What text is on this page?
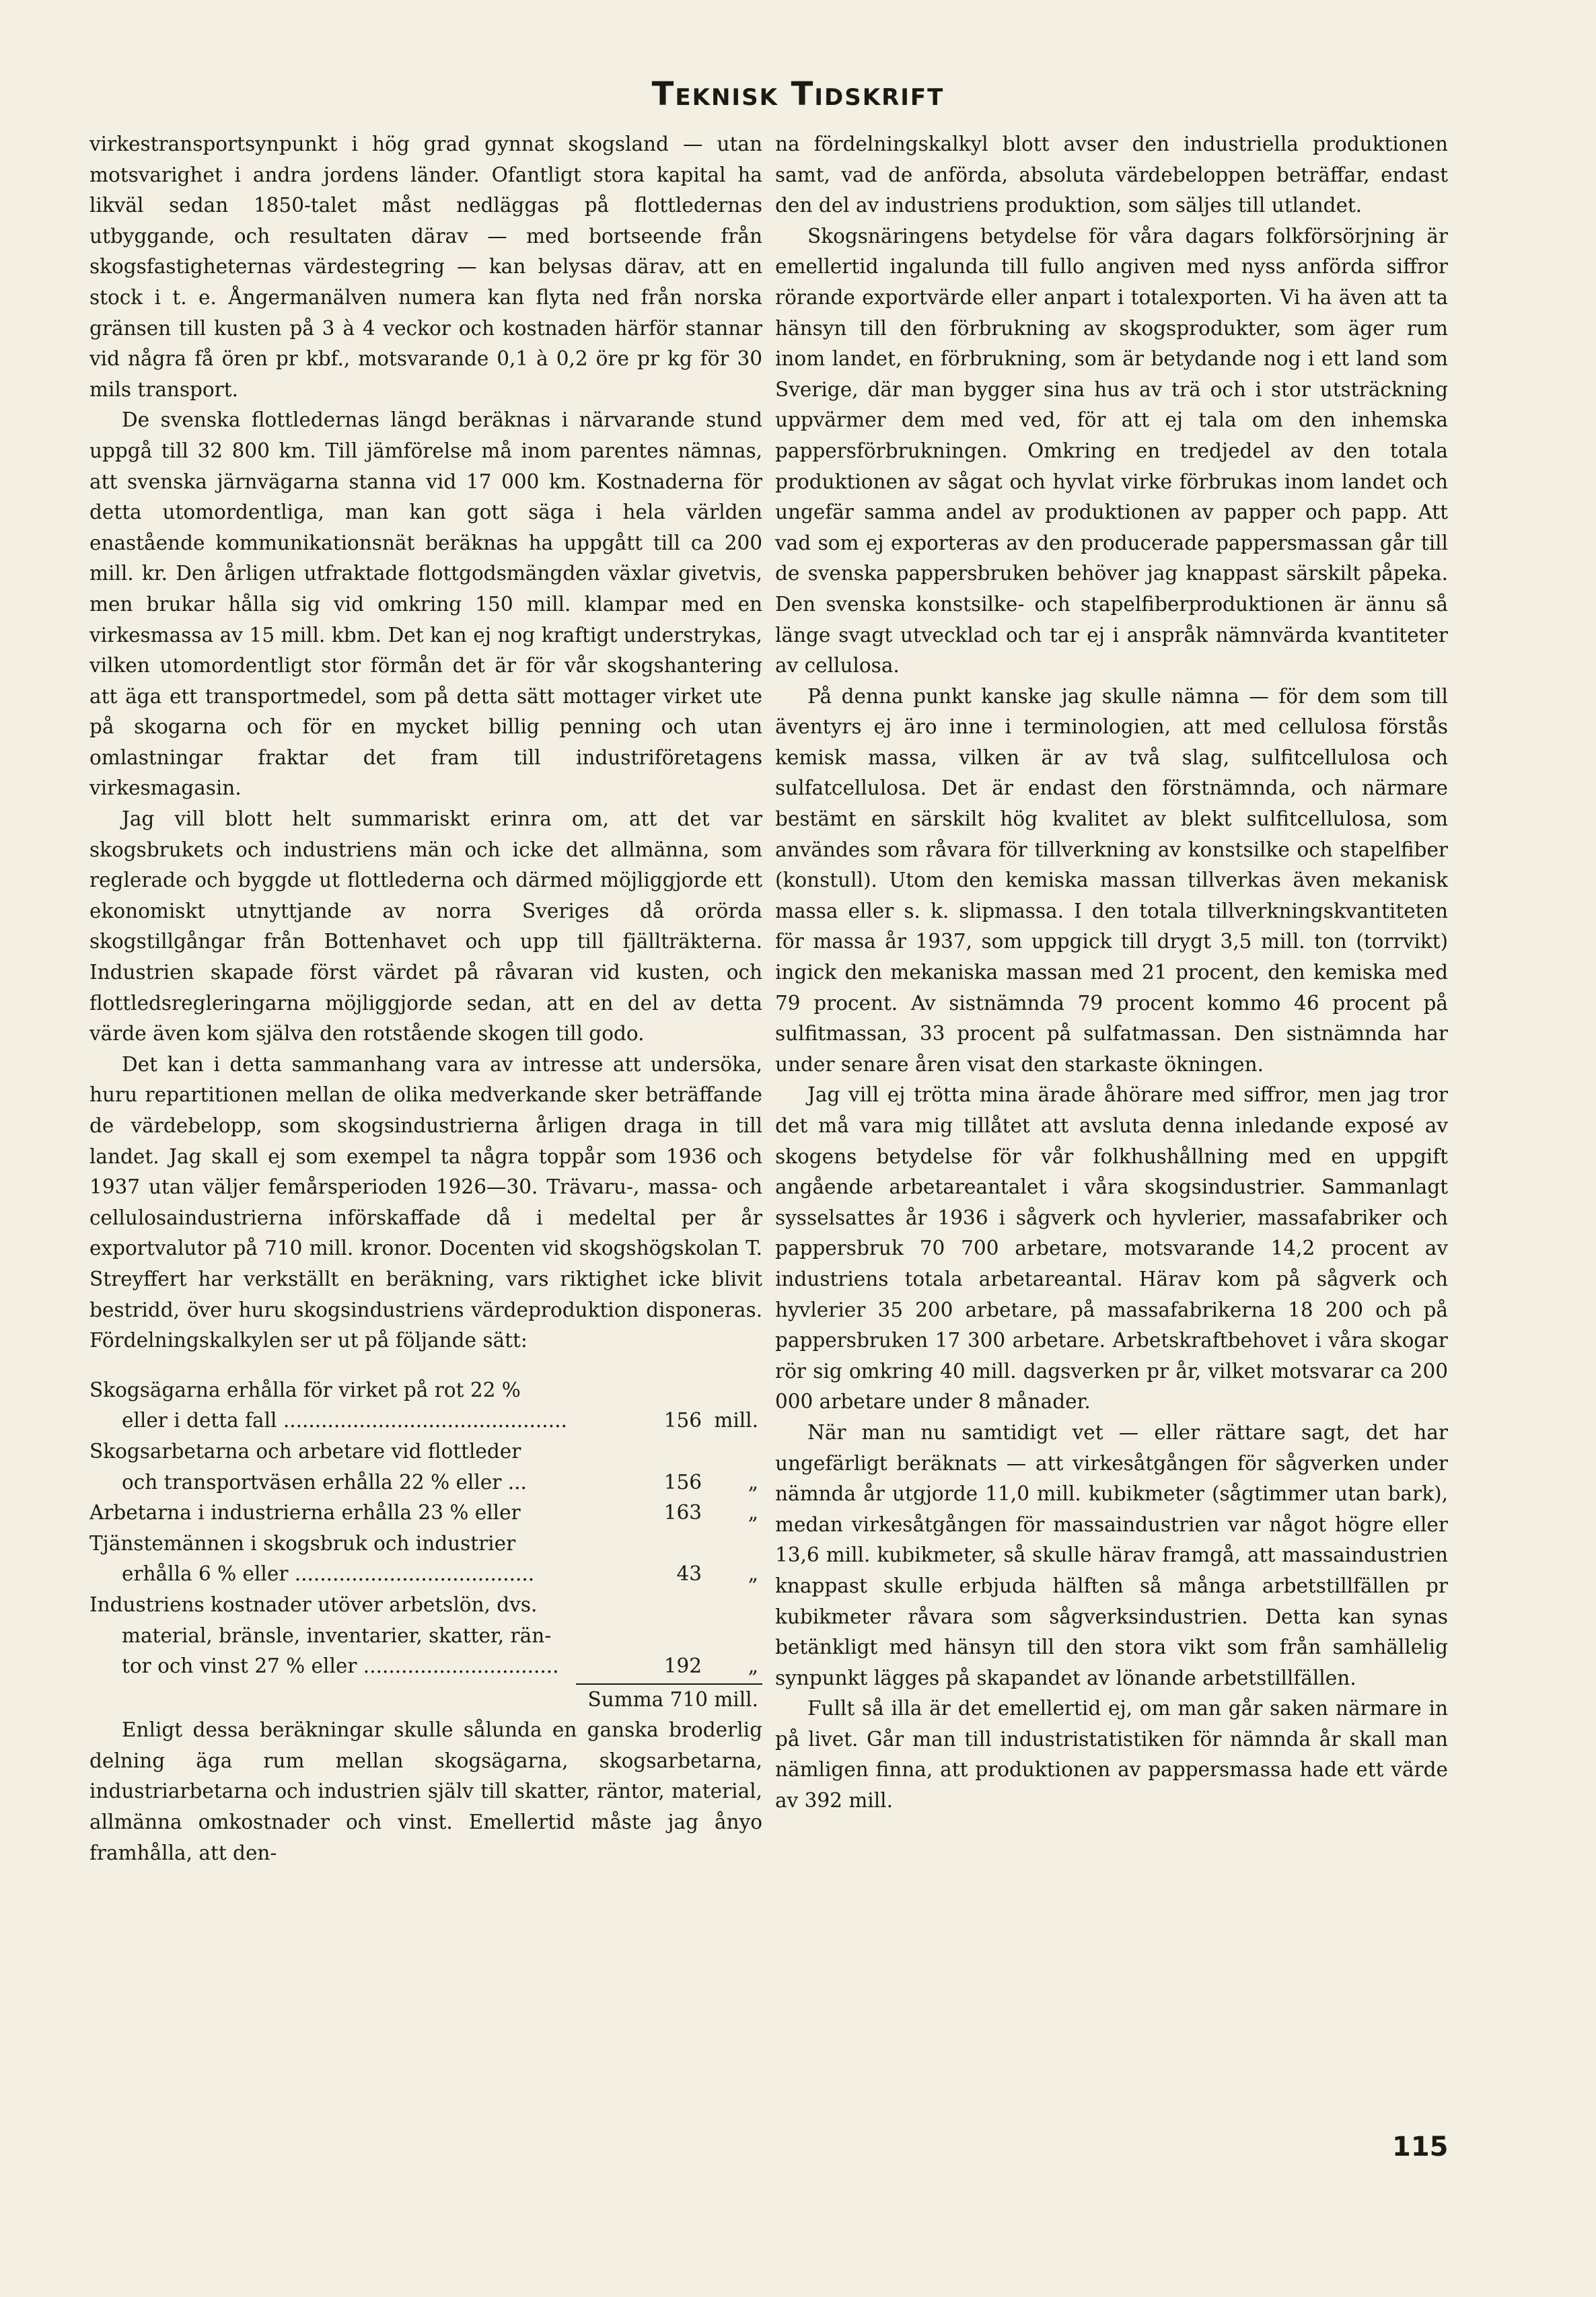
Teknisk Tidskrift

virkestransportsynpunkt i hög grad gynnat skogsland — utan motsvarighet i andra jordens länder. Ofantligt stora kapital ha likväl sedan 1850-talet måst nedläggas på flottledernas utbyggande, och resultaten därav — med bortseende från skogsfastigheternas värdestegring — kan belysas därav, att en stock i t. e. Ångermanälven numera kan flyta ned från norska gränsen till kusten på 3 à 4 veckor och kostnaden härför stannar vid några få ören pr kbf., motsvarande 0,1 à 0,2 öre pr kg för 30 mils transport.

De svenska flottledernas längd beräknas i närvarande stund uppgå till 32 800 km. Till jämförelse må inom parentes nämnas, att svenska järnvägarna stanna vid 17 000 km. Kostnaderna för detta utomordentliga, man kan gott säga i hela världen enastående kommunikationsnät beräknas ha uppgått till ca 200 mill. kr. Den årligen utfraktade flottgodsmängden växlar givetvis, men brukar hålla sig vid omkring 150 mill. klampar med en virkesmassa av 15 mill. kbm. Det kan ej nog kraftigt understrykas, vilken utomordentligt stor förmån det är för vår skogshantering att äga ett transportmedel, som på detta sätt mottager virket ute på skogarna och för en mycket billig penning och utan omlastningar fraktar det fram till industriföretagens virkesmagasin.

Jag vill blott helt summariskt erinra om, att det var skogsbrukets och industriens män och icke det allmänna, som reglerade och byggde ut flottlederna och därmed möjliggjorde ett ekonomiskt utnyttjande av norra Sveriges då orörda skogstillgångar från Bottenhavet och upp till fjällträkterna. Industrien skapade först värdet på råvaran vid kusten, och flottledsregleringarna möjliggjorde sedan, att en del av detta värde även kom själva den rotstående skogen till godo.

Det kan i detta sammanhang vara av intresse att undersöka, huru repartitionen mellan de olika medverkande sker beträffande de värdebelopp, som skogsindustrierna årligen draga in till landet. Jag skall ej som exempel ta några toppår som 1936 och 1937 utan väljer femårsperioden 1926—30. Trävaru-, massa- och cellulosaindustrierna införskaffade då i medeltal per år exportvalutor på 710 mill. kronor. Docenten vid skogshögskolan T. Streyffert har verkställt en beräkning, vars riktighet icke blivit bestridd, över huru skogsindustriens värdeproduktion disponeras. Fördelningskalkylen ser ut på följande sätt:

Skogsägarna erhålla för virket på rot 22 %
eller i detta fall .............................................	156 mill.
Skogsarbetarna och arbetare vid flottleder
och transportväsen erhålla 22 % eller ...	156	„
Arbetarna i industrierna erhålla 23 % eller	163	„
Tjänstemännen i skogsbruk och industrier
erhålla 6 % eller ......................................	43	„
Industriens kostnader utöver arbetslön, dvs.
material, bränsle, inventarier, skatter, rän-
tor och vinst 27 % eller ...............................	192	„
Summa 710 mill.

Enligt dessa beräkningar skulle sålunda en ganska broderlig delning äga rum mellan skogsägarna, skogsarbetarna, industriarbetarna och industrien själv till skatter, räntor, material, allmänna omkostnader och vinst. Emellertid måste jag ånyo framhålla, att den-

na fördelningskalkyl blott avser den industriella produktionen samt, vad de anförda, absoluta värdebeloppen beträffar, endast den del av industriens produktion, som säljes till utlandet.

Skogsnäringens betydelse för våra dagars folkförsörjning är emellertid ingalunda till fullo angiven med nyss anförda siffror rörande exportvärde eller anpart i totalexporten. Vi ha även att ta hänsyn till den förbrukning av skogsprodukter, som äger rum inom landet, en förbrukning, som är betydande nog i ett land som Sverige, där man bygger sina hus av trä och i stor utsträckning uppvärmer dem med ved, för att ej tala om den inhemska pappersförbrukningen. Omkring en tredjedel av den totala produktionen av sågat och hyvlat virke förbrukas inom landet och ungefär samma andel av produktionen av papper och papp. Att vad som ej exporteras av den producerade pappersmassan går till de svenska pappersbruken behöver jag knappast särskilt påpeka. Den svenska konstsilke- och stapelfiberproduktionen är ännu så länge svagt utvecklad och tar ej i anspråk nämnvärda kvantiteter av cellulosa.

På denna punkt kanske jag skulle nämna — för dem som till äventyrs ej äro inne i terminologien, att med cellulosa förstås kemisk massa, vilken är av två slag, sulfitcellulosa och sulfatcellulosa. Det är endast den förstnämnda, och närmare bestämt en särskilt hög kvalitet av blekt sulfitcellulosa, som användes som råvara för tillverkning av konstsilke och stapelfiber (konstull). Utom den kemiska massan tillverkas även mekanisk massa eller s. k. slipmassa. I den totala tillverkningskvantiteten för massa år 1937, som uppgick till drygt 3,5 mill. ton (torrvikt) ingick den mekaniska massan med 21 procent, den kemiska med 79 procent. Av sistnämnda 79 procent kommo 46 procent på sulfitmassan, 33 procent på sulfatmassan. Den sistnämnda har under senare åren visat den starkaste ökningen.

Jag vill ej trötta mina ärade åhörare med siffror, men jag tror det må vara mig tillåtet att avsluta denna inledande exposé av skogens betydelse för vår folkhushållning med en uppgift angående arbetareantalet i våra skogsindustrier. Sammanlagt sysselsattes år 1936 i sågverk och hyvlerier, massafabriker och pappersbruk 70 700 arbetare, motsvarande 14,2 procent av industriens totala arbetareantal. Härav kom på sågverk och hyvlerier 35 200 arbetare, på massafabrikerna 18 200 och på pappersbruken 17 300 arbetare. Arbetskraftbehovet i våra skogar rör sig omkring 40 mill. dagsverken pr år, vilket motsvarar ca 200 000 arbetare under 8 månader.

När man nu samtidigt vet — eller rättare sagt, det har ungefärligt beräknats — att virkesåtgången för sågverken under nämnda år utgjorde 11,0 mill. kubikmeter (sågtimmer utan bark), medan virkesåtgången för massaindustrien var något högre eller 13,6 mill. kubikmeter, så skulle härav framgå, att massaindustrien knappast skulle erbjuda hälften så många arbetstillfällen pr kubikmeter råvara som sågverksindustrien. Detta kan synas betänkligt med hänsyn till den stora vikt som från samhällelig synpunkt lägges på skapandet av lönande arbetstillfällen.

Fullt så illa är det emellertid ej, om man går saken närmare in på livet. Går man till industristatistiken för nämnda år skall man nämligen finna, att produktionen av pappersmassa hade ett värde av 392 mill.

115
